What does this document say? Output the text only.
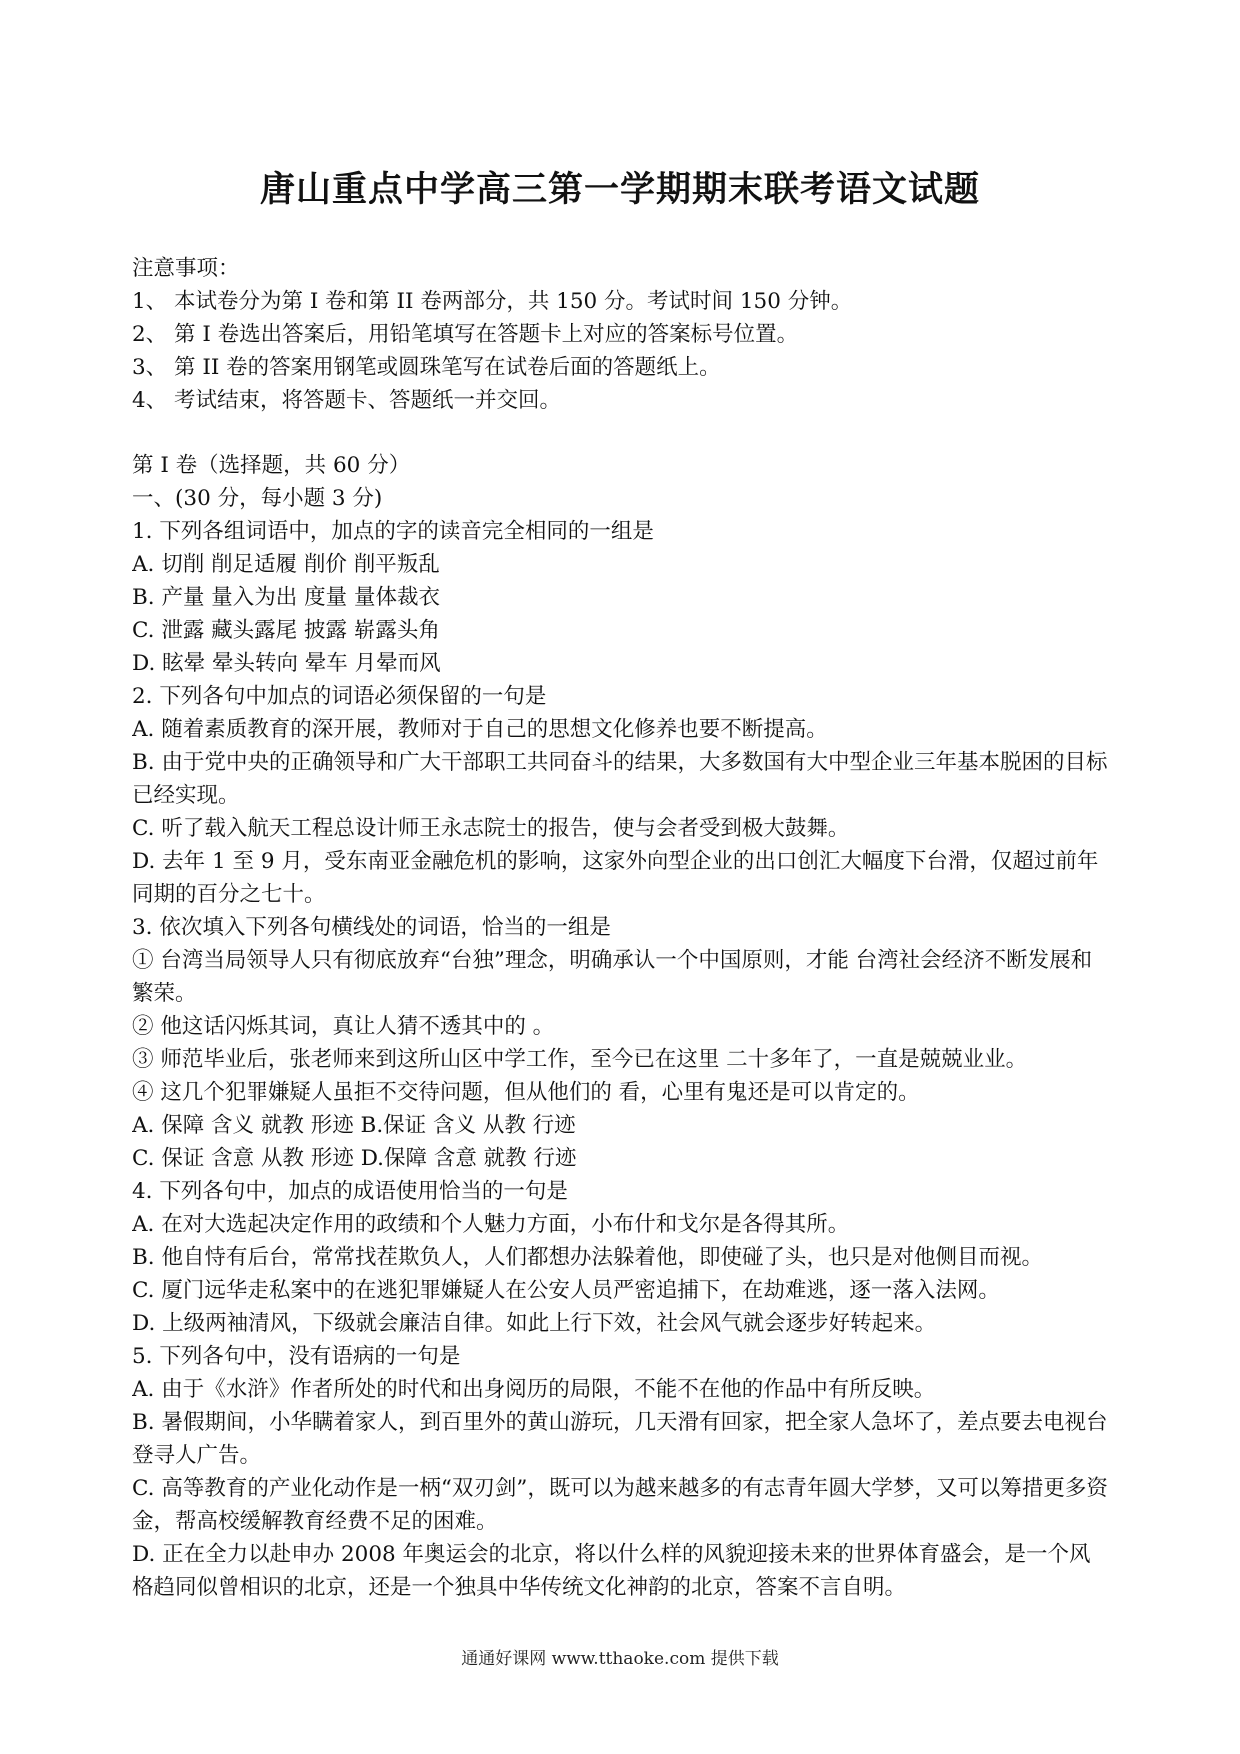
唐山重点中学高三第一学期期末联考语文试题
注意事项：
1、 本试卷分为第 I 卷和第 II 卷两部分，共 150 分。考试时间 150 分钟。
2、 第 I 卷选出答案后，用铅笔填写在答题卡上对应的答案标号位置。
3、 第 II 卷的答案用钢笔或圆珠笔写在试卷后面的答题纸上。
4、 考试结束，将答题卡、答题纸一并交回。
第 I 卷（选择题，共 60 分）
一、(30 分，每小题 3 分)
1. 下列各组词语中，加点的字的读音完全相同的一组是
A. 切削 削足适履 削价 削平叛乱
B. 产量 量入为出 度量 量体裁衣
C. 泄露 藏头露尾 披露 崭露头角
D. 眩晕 晕头转向 晕车 月晕而风
2. 下列各句中加点的词语必须保留的一句是
A. 随着素质教育的深开展，教师对于自己的思想文化修养也要不断提高。
B. 由于党中央的正确领导和广大干部职工共同奋斗的结果，大多数国有大中型企业三年基本脱困的目标已经实现。
C. 听了载入航天工程总设计师王永志院士的报告，使与会者受到极大鼓舞。
D. 去年 1 至 9 月，受东南亚金融危机的影响，这家外向型企业的出口创汇大幅度下台滑，仅超过前年同期的百分之七十。
3. 依次填入下列各句横线处的词语，恰当的一组是
① 台湾当局领导人只有彻底放弃“台独”理念，明确承认一个中国原则，才能 台湾社会经济不断发展和繁荣。
② 他这话闪烁其词，真让人猜不透其中的 。
③ 师范毕业后，张老师来到这所山区中学工作，至今已在这里 二十多年了，一直是兢兢业业。
④ 这几个犯罪嫌疑人虽拒不交待问题，但从他们的 看，心里有鬼还是可以肯定的。
A. 保障 含义 就教 形迹 B.保证 含义 从教 行迹
C. 保证 含意 从教 形迹 D.保障 含意 就教 行迹
4. 下列各句中，加点的成语使用恰当的一句是
A. 在对大选起决定作用的政绩和个人魅力方面，小布什和戈尔是各得其所。
B. 他自恃有后台，常常找茬欺负人，人们都想办法躲着他，即使碰了头，也只是对他侧目而视。
C. 厦门远华走私案中的在逃犯罪嫌疑人在公安人员严密追捕下，在劫难逃，逐一落入法网。
D. 上级两袖清风，下级就会廉洁自律。如此上行下效，社会风气就会逐步好转起来。
5. 下列各句中，没有语病的一句是
A. 由于《水浒》作者所处的时代和出身阅历的局限，不能不在他的作品中有所反映。
B. 暑假期间，小华瞒着家人，到百里外的黄山游玩，几天滑有回家，把全家人急坏了，差点要去电视台登寻人广告。
C. 高等教育的产业化动作是一柄“双刃剑”，既可以为越来越多的有志青年圆大学梦，又可以筹措更多资金，帮高校缓解教育经费不足的困难。
D. 正在全力以赴申办 2008 年奥运会的北京，将以什么样的风貌迎接未来的世界体育盛会，是一个风格趋同似曾相识的北京，还是一个独具中华传统文化神韵的北京，答案不言自明。
通通好课网 www.tthaoke.com 提供下载
